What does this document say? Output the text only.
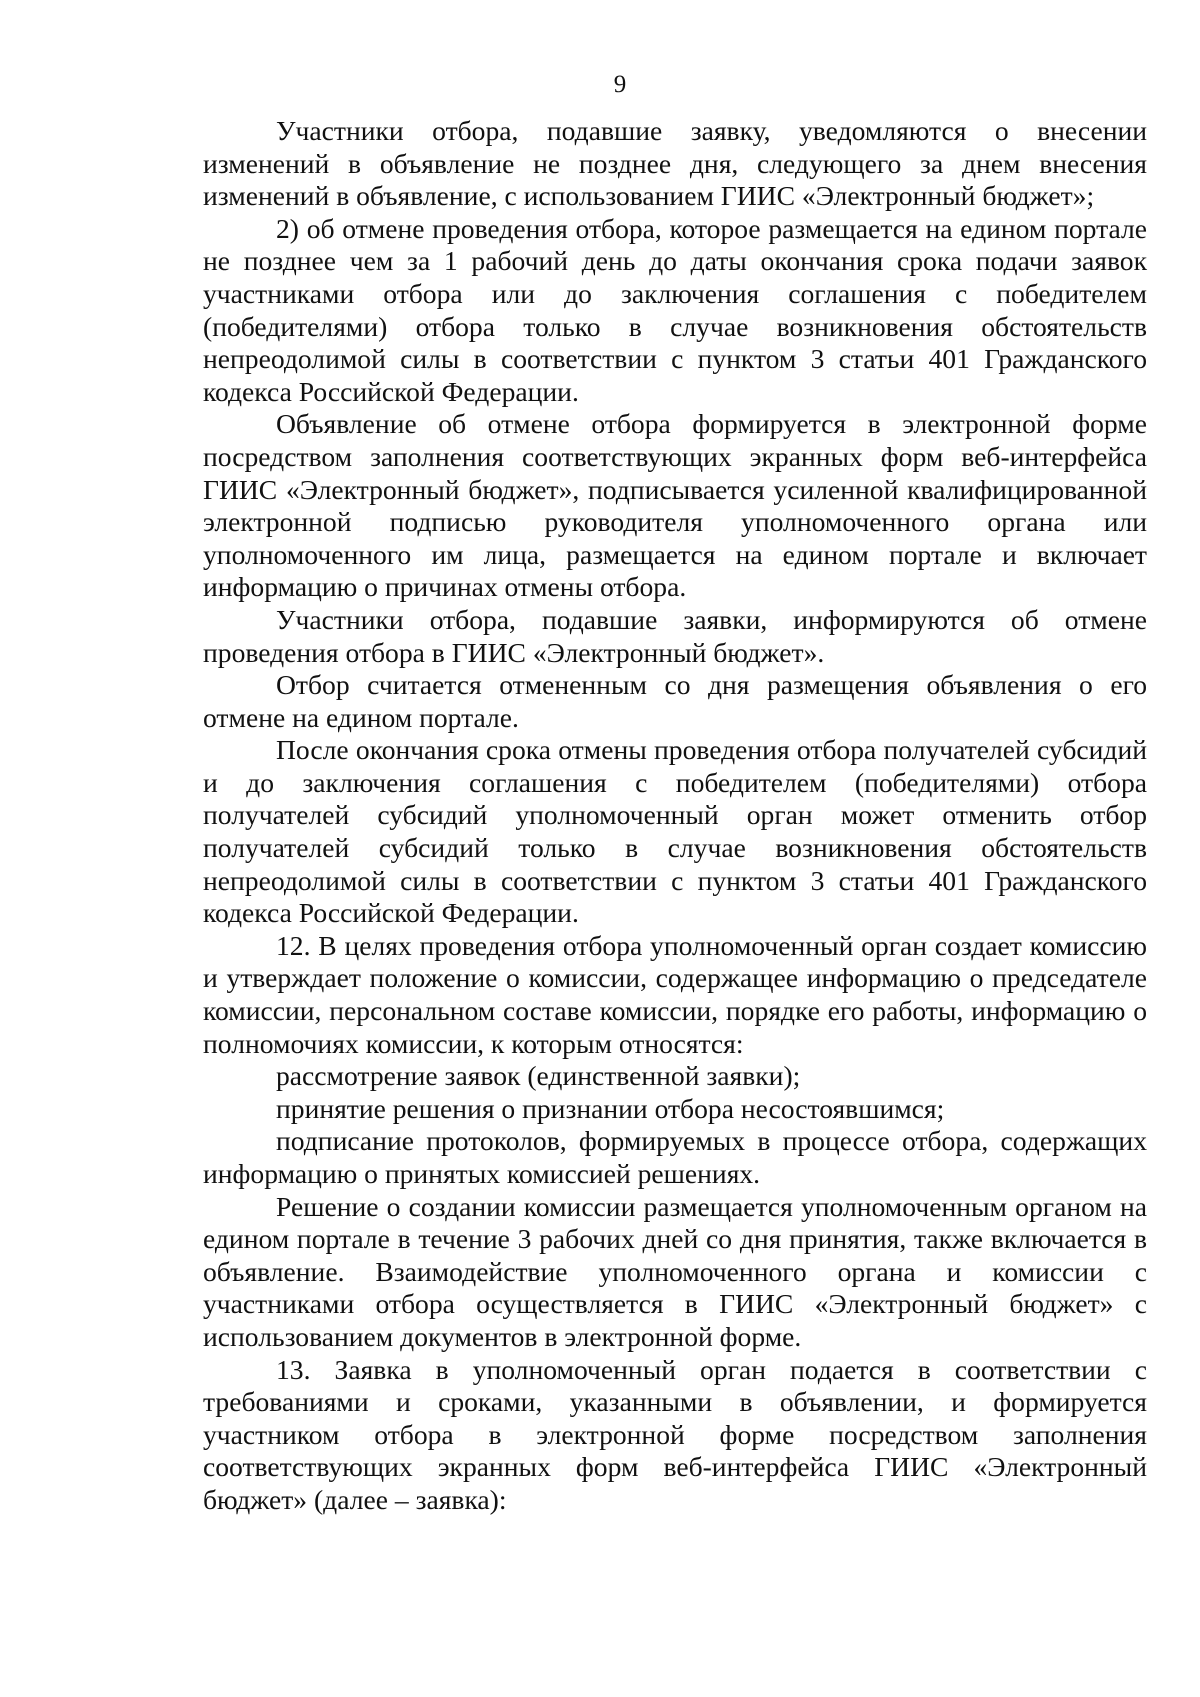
9

Участники отбора, подавшие заявку, уведомляются о внесении изменений в объявление не позднее дня, следующего за днем внесения изменений в объявление, с использованием ГИИС «Электронный бюджет»;

2) об отмене проведения отбора, которое размещается на едином портале не позднее чем за 1 рабочий день до даты окончания срока подачи заявок участниками отбора или до заключения соглашения с победителем (победителями) отбора только в случае возникновения обстоятельств непреодолимой силы в соответствии с пунктом 3 статьи 401 Гражданского кодекса Российской Федерации.

Объявление об отмене отбора формируется в электронной форме посредством заполнения соответствующих экранных форм веб-интерфейса ГИИС «Электронный бюджет», подписывается усиленной квалифицированной электронной подписью руководителя уполномоченного органа или уполномоченного им лица, размещается на едином портале и включает информацию о причинах отмены отбора.

Участники отбора, подавшие заявки, информируются об отмене проведения отбора в ГИИС «Электронный бюджет».

Отбор считается отмененным со дня размещения объявления о его отмене на едином портале.

После окончания срока отмены проведения отбора получателей субсидий и до заключения соглашения с победителем (победителями) отбора получателей субсидий уполномоченный орган может отменить отбор получателей субсидий только в случае возникновения обстоятельств непреодолимой силы в соответствии с пунктом 3 статьи 401 Гражданского кодекса Российской Федерации.

12. В целях проведения отбора уполномоченный орган создает комиссию и утверждает положение о комиссии, содержащее информацию о председателе комиссии, персональном составе комиссии, порядке его работы, информацию о полномочиях комиссии, к которым относятся:

рассмотрение заявок (единственной заявки);

принятие решения о признании отбора несостоявшимся;

подписание протоколов, формируемых в процессе отбора, содержащих информацию о принятых комиссией решениях.

Решение о создании комиссии размещается уполномоченным органом на едином портале в течение 3 рабочих дней со дня принятия, также включается в объявление. Взаимодействие уполномоченного органа и комиссии с участниками отбора осуществляется в ГИИС «Электронный бюджет» с использованием документов в электронной форме.

13. Заявка в уполномоченный орган подается в соответствии с требованиями и сроками, указанными в объявлении, и формируется участником отбора в электронной форме посредством заполнения соответствующих экранных форм веб-интерфейса ГИИС «Электронный бюджет» (далее – заявка):
